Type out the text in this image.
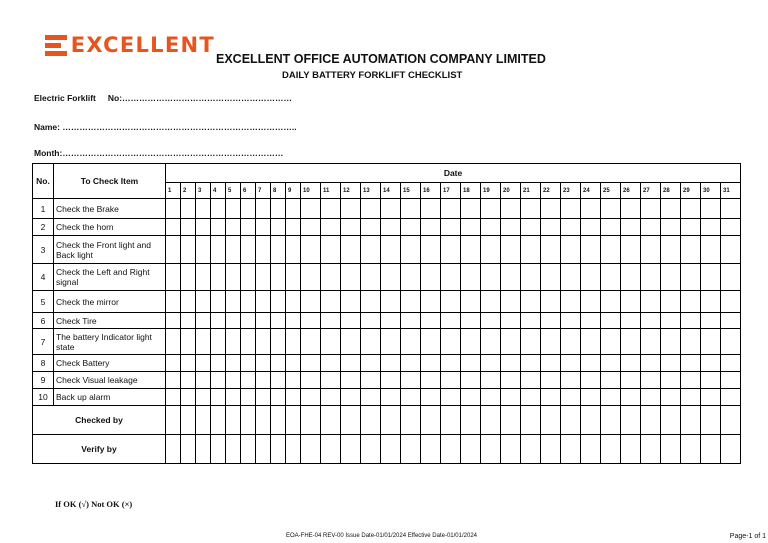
EXCELLENT
EXCELLENT OFFICE AUTOMATION COMPANY LIMITED
DAILY BATTERY FORKLIFT CHECKLIST
Electric Forklift No:……………………………………………………
Name: ………………………………………………………………………..
Month:……………………………………………………………………
No.	To Check Item	Date																														
		1	2	3	4	5	6	7	8	9	10	11	12	13	14	15	16	17	18	19	20	21	22	23	24	25	26	27	28	29	30	31
1	Check the Brake																															
2	Check the horn																															
3	Check the Front light and Back light																															
4	Check the Left and Right signal																															
5	Check the mirror																															
6	Check Tire																															
7	The battery Indicator light state																															
8	Check Battery																															
9	Check Visual leakage																															
10	Back up alarm																															
Checked by																																
Verify by																																
If OK (√) Not OK (×)
EOA-FHE-04 REV-00 Issue Date-01/01/2024 Effective Date-01/01/2024	Page-1 of 1
